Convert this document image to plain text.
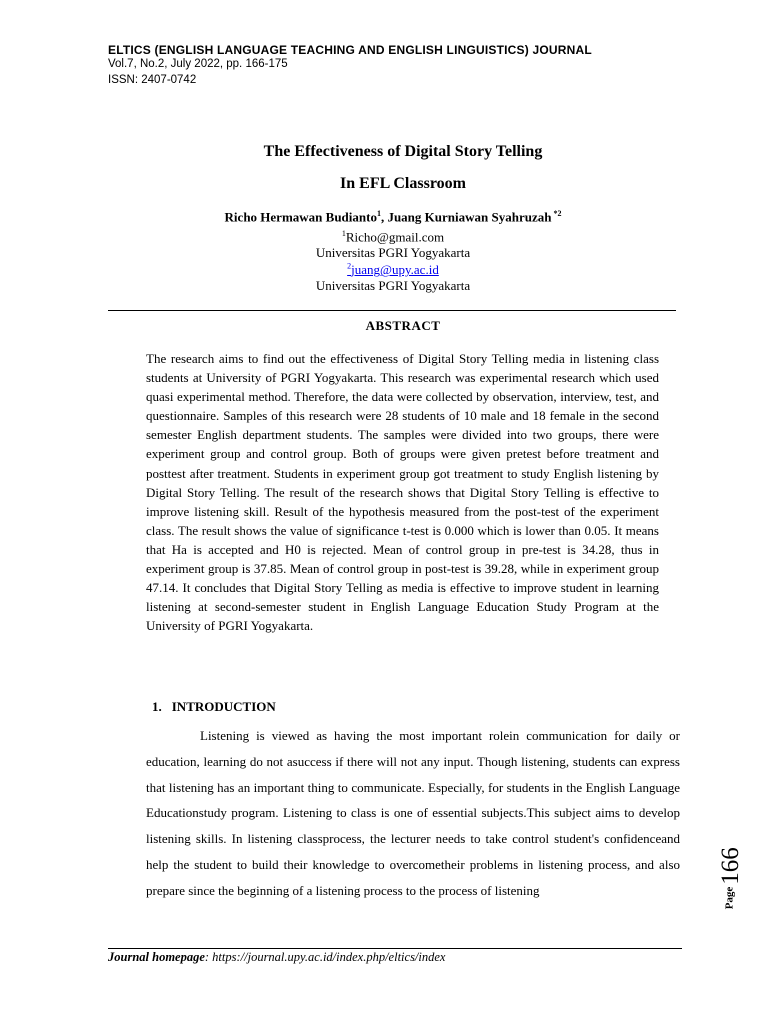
ELTICS (ENGLISH LANGUAGE TEACHING AND ENGLISH LINGUISTICS) JOURNAL
Vol.7, No.2, July 2022, pp. 166-175
ISSN: 2407-0742
The Effectiveness of Digital Story Telling
In EFL Classroom
Richo Hermawan Budianto$^1$, Juang Kurniawan Syahruzah $^{*2}$
$^1$Richo@gmail.com
Universitas PGRI Yogyakarta
$^2$juang@upy.ac.id
Universitas PGRI Yogyakarta
ABSTRACT

The research aims to find out the effectiveness of Digital Story Telling media in listening class students at University of PGRI Yogyakarta. This research was experimental research which used quasi experimental method. Therefore, the data were collected by observation, interview, test, and questionnaire. Samples of this research were 28 students of 10 male and 18 female in the second semester English department students. The samples were divided into two groups, there were experiment group and control group. Both of groups were given pretest before treatment and posttest after treatment. Students in experiment group got treatment to study English listening by Digital Story Telling. The result of the research shows that Digital Story Telling is effective to improve listening skill. Result of the hypothesis measured from the post-test of the experiment class. The result shows the value of significance t-test is 0.000 which is lower than 0.05. It means that Ha is accepted and H0 is rejected. Mean of control group in pre-test is 34.28, thus in experiment group is 37.85. Mean of control group in post-test is 39.28, while in experiment group 47.14. It concludes that Digital Story Telling as media is effective to improve student in learning listening at second-semester student in English Language Education Study Program at the University of PGRI Yogyakarta.

1. INTRODUCTION

Listening is viewed as having the most important rolein communication for daily or education, learning do not asuccess if there will not any input. Though listening, students can express that listening has an important thing to communicate. Especially, for students in the English Language Educationstudy program. Listening to class is one of essential subjects.This subject aims to develop listening skills. In listening classprocess, the lecturer needs to take control student's confidenceand help the student to build their knowledge to overcometheir problems in listening process, and also prepare since the beginning of a listening process to the process of listening

166
Page
Journal homepage: https://journal.upy.ac.id/index.php/eltics/index
